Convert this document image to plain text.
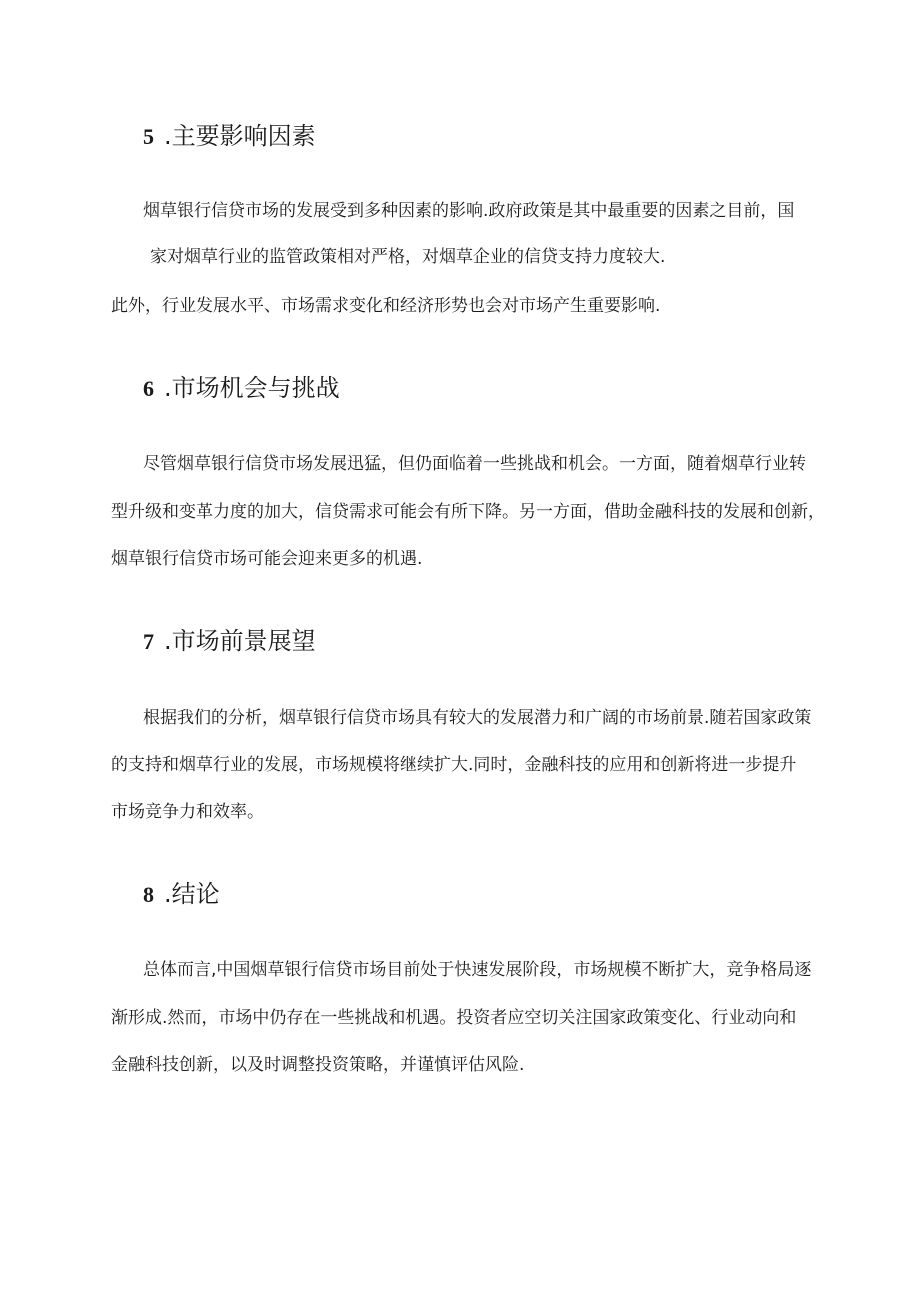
5 .主要影响因素
烟草银行信贷市场的发展受到多种因素的影响.政府政策是其中最重要的因素之目前，国
家对烟草行业的监管政策相对严格，对烟草企业的信贷支持力度较大.
此外，行业发展水平、市场需求变化和经济形势也会对市场产生重要影响.
6 .市场机会与挑战
尽管烟草银行信贷市场发展迅猛，但仍面临着一些挑战和机会。一方面，随着烟草行业转
型升级和变革力度的加大，信贷需求可能会有所下降。另一方面，借助金融科技的发展和创新，
烟草银行信贷市场可能会迎来更多的机遇.
7 .市场前景展望
根据我们的分析，烟草银行信贷市场具有较大的发展潜力和广阔的市场前景.随若国家政策
的支持和烟草行业的发展，市场规模将继续扩大.同时，金融科技的应用和创新将进一步提升
市场竞争力和效率。
8 .结论
总体而言,中国烟草银行信贷市场目前处于快速发展阶段，市场规模不断扩大，竞争格局逐
渐形成.然而，市场中仍存在一些挑战和机遇。投资者应空切关注国家政策变化、行业动向和
金融科技创新，以及时调整投资策略，并谨慎评估风险.
